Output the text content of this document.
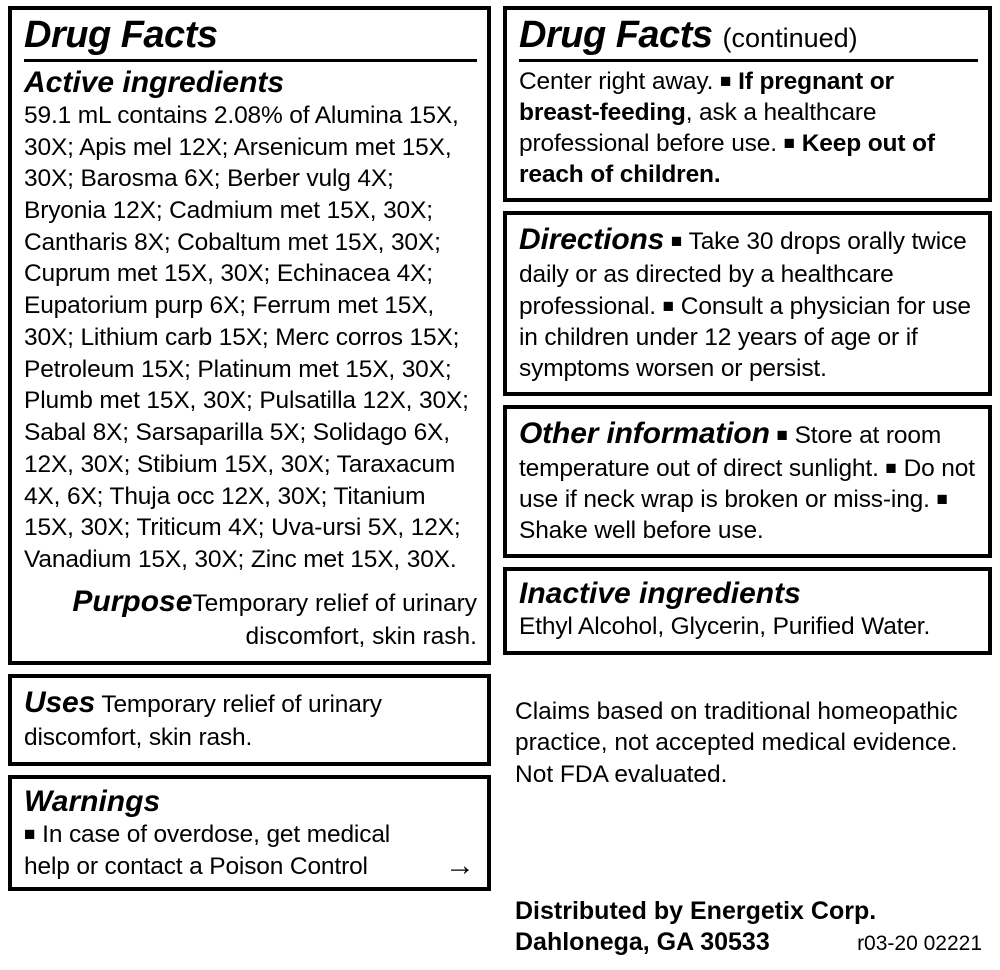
Drug Facts
Active ingredients

59.1 mL contains 2.08% of Alumina 15X, 30X; Apis mel 12X; Arsenicum met 15X, 30X; Barosma 6X; Berber vulg 4X; Bryonia 12X; Cadmium met 15X, 30X; Cantharis 8X; Cobaltum met 15X, 30X; Cuprum met 15X, 30X; Echinacea 4X; Eupatorium purp 6X; Ferrum met 15X, 30X; Lithium carb 15X; Merc corros 15X; Petroleum 15X; Platinum met 15X, 30X; Plumb met 15X, 30X; Pulsatilla 12X, 30X; Sabal 8X; Sarsaparilla 5X; Solidago 6X, 12X, 30X; Stibium 15X, 30X; Taraxacum 4X, 6X; Thuja occ 12X, 30X; Titanium 15X, 30X; Triticum 4X; Uva-ursi 5X, 12X; Vanadium 15X, 30X; Zinc met 15X, 30X.

PurposeTemporary relief of urinary discomfort, skin rash.

Uses Temporary relief of urinary discomfort, skin rash.

Warnings

■ In case of overdose, get medical help or contact a Poison Control	→
Drug Facts (continued)

Center right away. ■ If pregnant or breast-feeding, ask a healthcare professional before use. ■ Keep out of reach of children.

Directions ■ Take 30 drops orally twice daily or as directed by a healthcare professional. ■ Consult a physician for use in children under 12 years of age or if symptoms worsen or persist.

Other information ■ Store at room temperature out of direct sunlight. ■ Do not use if neck wrap is broken or miss-ing. ■ Shake well before use.

Inactive ingredients

Ethyl Alcohol, Glycerin, Purified Water.

Claims based on traditional homeopathic practice, not accepted medical evidence. Not FDA evaluated.

Distributed by Energetix Corp.

Dahlonega, GA 30533	r03-20 02221
